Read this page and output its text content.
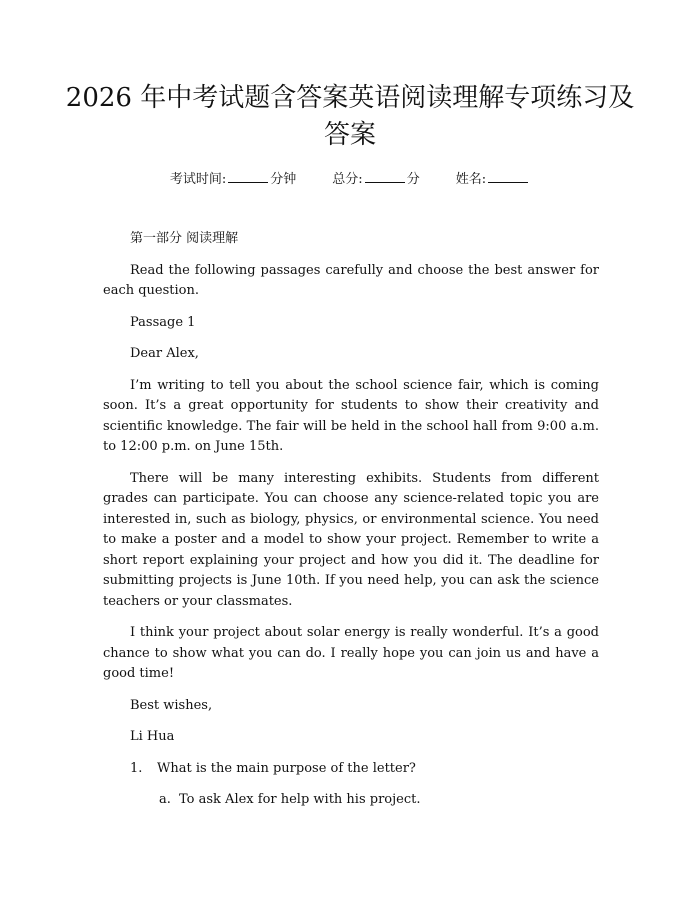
2026 年中考试题含答案英语阅读理解专项练习及答案
考试时间:	分钟	总分:	分	姓名:

第一部分 阅读理解

Read the following passages carefully and choose the best answer for each question.

Passage 1

Dear Alex,

I’m writing to tell you about the school science fair, which is coming soon. It’s a great opportunity for students to show their creativity and scientific knowledge. The fair will be held in the school hall from 9:00 a.m. to 12:00 p.m. on June 15th.

There will be many interesting exhibits. Students from different grades can participate. You can choose any science-related topic you are interested in, such as biology, physics, or environmental science. You need to make a poster and a model to show your project. Remember to write a short report explaining your project and how you did it. The deadline for submitting projects is June 10th. If you need help, you can ask the science teachers or your classmates.

I think your project about solar energy is really wonderful. It’s a good chance to show what you can do. I really hope you can join us and have a good time!

Best wishes,

Li Hua

1.	What is the main purpose of the letter?
a. To ask Alex for help with his project.
